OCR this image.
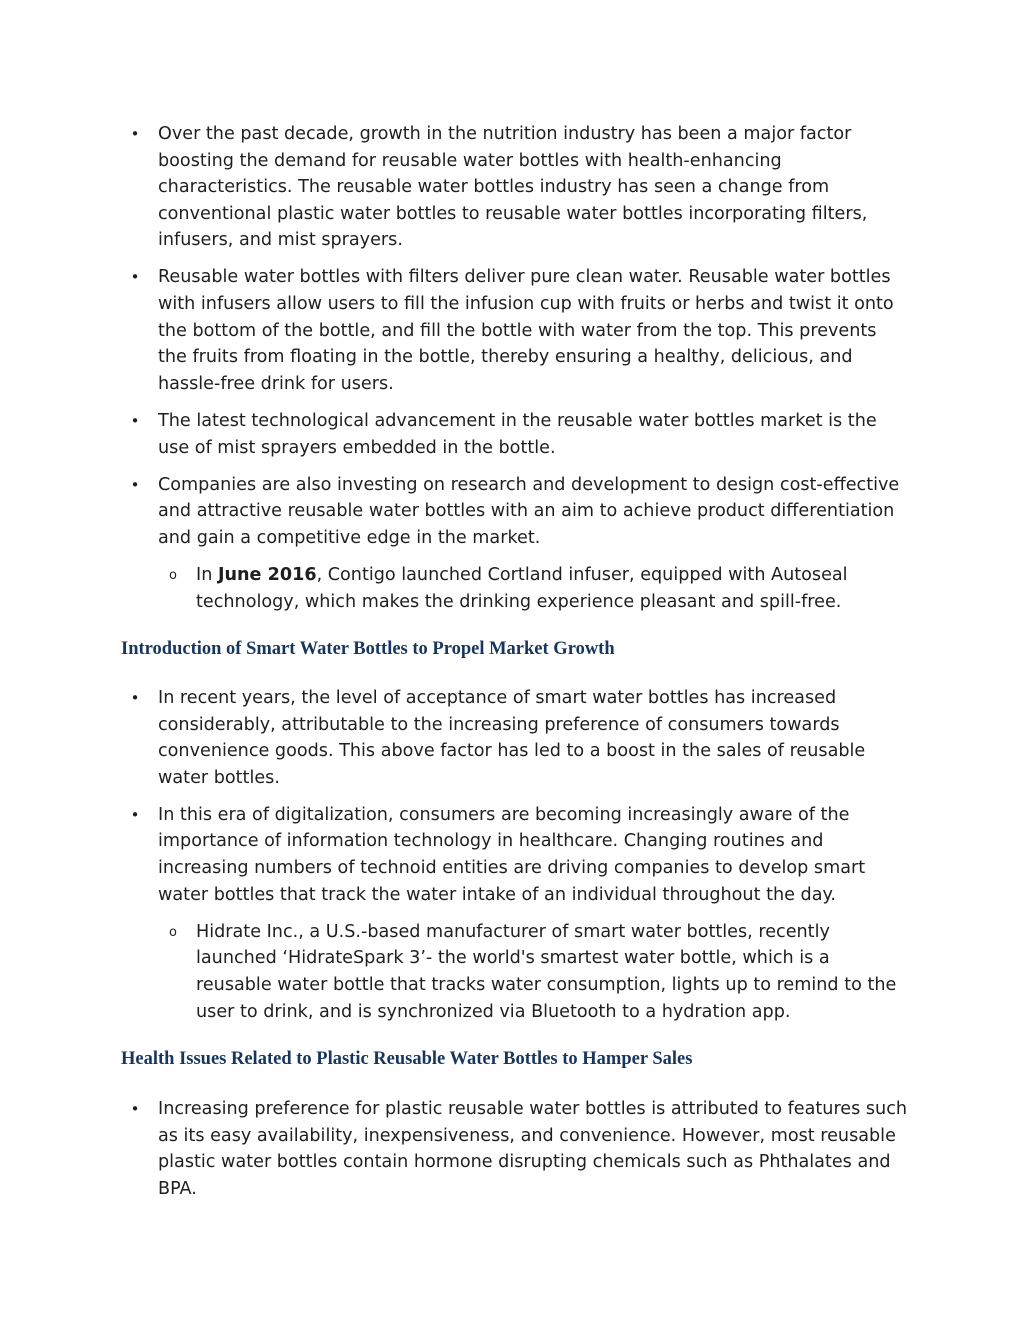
• Over the past decade, growth in the nutrition industry has been a major factor boosting the demand for reusable water bottles with health-enhancing characteristics. The reusable water bottles industry has seen a change from conventional plastic water bottles to reusable water bottles incorporating filters, infusers, and mist sprayers.
• Reusable water bottles with filters deliver pure clean water. Reusable water bottles with infusers allow users to fill the infusion cup with fruits or herbs and twist it onto the bottom of the bottle, and fill the bottle with water from the top. This prevents the fruits from floating in the bottle, thereby ensuring a healthy, delicious, and hassle-free drink for users.
• The latest technological advancement in the reusable water bottles market is the use of mist sprayers embedded in the bottle.
• Companies are also investing on research and development to design cost-effective and attractive reusable water bottles with an aim to achieve product differentiation and gain a competitive edge in the market.
o In June 2016, Contigo launched Cortland infuser, equipped with Autoseal technology, which makes the drinking experience pleasant and spill-free.
Introduction of Smart Water Bottles to Propel Market Growth
• In recent years, the level of acceptance of smart water bottles has increased considerably, attributable to the increasing preference of consumers towards convenience goods. This above factor has led to a boost in the sales of reusable water bottles.
• In this era of digitalization, consumers are becoming increasingly aware of the importance of information technology in healthcare. Changing routines and increasing numbers of technoid entities are driving companies to develop smart water bottles that track the water intake of an individual throughout the day.
o Hidrate Inc., a U.S.-based manufacturer of smart water bottles, recently launched ‘HidrateSpark 3’- the world's smartest water bottle, which is a reusable water bottle that tracks water consumption, lights up to remind to the user to drink, and is synchronized via Bluetooth to a hydration app.
Health Issues Related to Plastic Reusable Water Bottles to Hamper Sales
• Increasing preference for plastic reusable water bottles is attributed to features such as its easy availability, inexpensiveness, and convenience. However, most reusable plastic water bottles contain hormone disrupting chemicals such as Phthalates and BPA.
